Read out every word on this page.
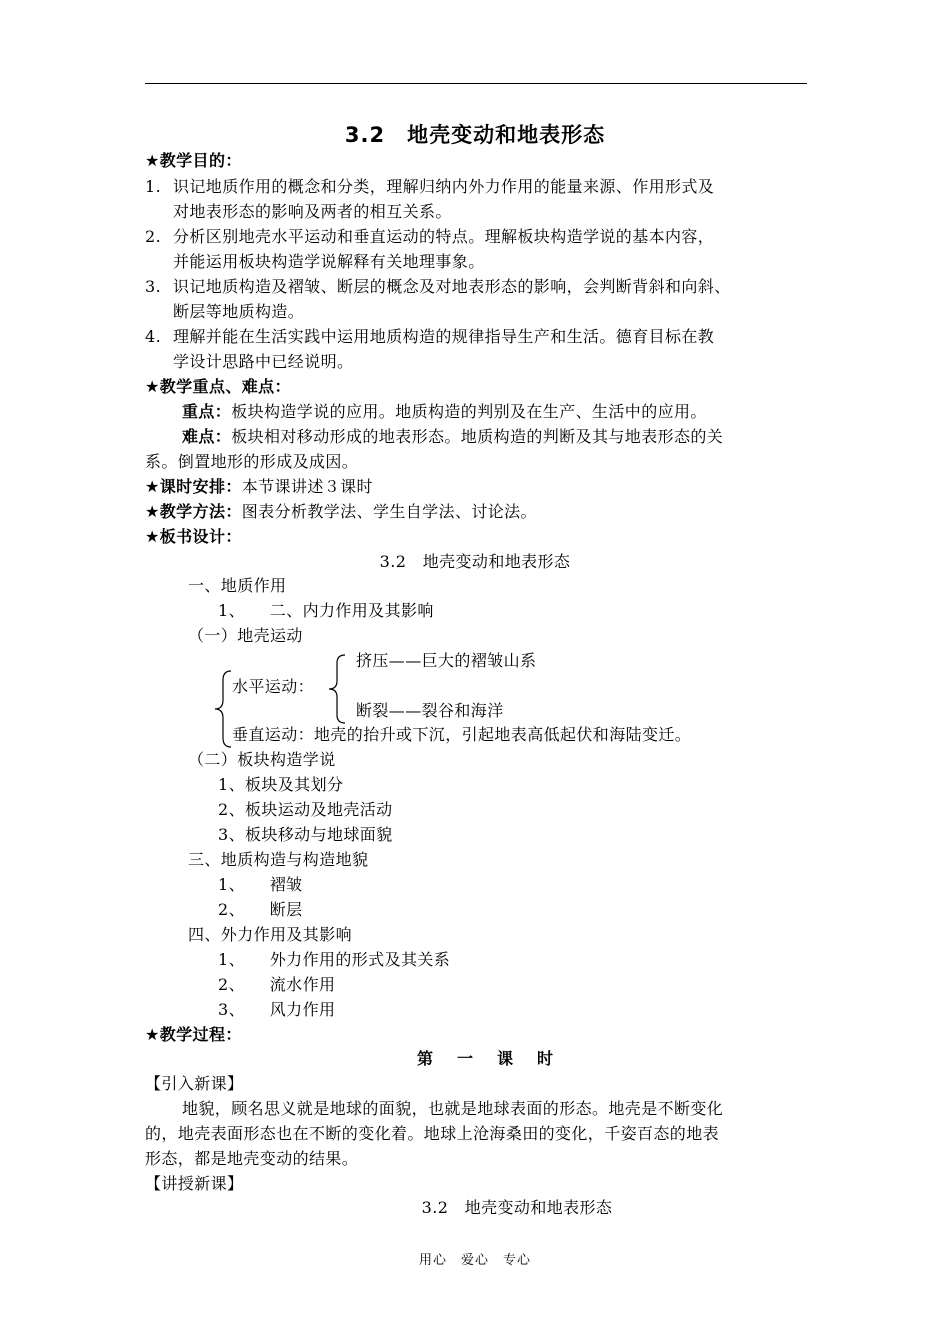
3.2　地壳变动和地表形态
★教学目的：
1. 识记地质作用的概念和分类，理解归纳内外力作用的能量来源、作用形式及
对地表形态的影响及两者的相互关系。
2. 分析区别地壳水平运动和垂直运动的特点。理解板块构造学说的基本内容，
并能运用板块构造学说解释有关地理事象。
3. 识记地质构造及褶皱、断层的概念及对地表形态的影响，会判断背斜和向斜、
断层等地质构造。
4. 理解并能在生活实践中运用地质构造的规律指导生产和生活。德育目标在教
学设计思路中已经说明。
★教学重点、难点：
重点：板块构造学说的应用。地质构造的判别及在生产、生活中的应用。
难点：板块相对移动形成的地表形态。地质构造的判断及其与地表形态的关
系。倒置地形的形成及成因。
★课时安排：本节课讲述３课时
★教学方法：图表分析教学法、学生自学法、讨论法。
★板书设计：
3.2　地壳变动和地表形态
一、地质作用
1、　　二、内力作用及其影响
（一）地壳运动
挤压——巨大的褶皱山系
水平运动：
断裂——裂谷和海洋
垂直运动：地壳的抬升或下沉，引起地表高低起伏和海陆变迁。
（二）板块构造学说
1、板块及其划分
2、板块运动及地壳活动
3、板块移动与地球面貌
三、地质构造与构造地貌
1、　　褶皱
2、　　断层
四、外力作用及其影响
1、　　外力作用的形式及其关系
2、　　流水作用
3、　　风力作用
★教学过程：
第一课时
【引入新课】
地貌，顾名思义就是地球的面貌，也就是地球表面的形态。地壳是不断变化
的，地壳表面形态也在不断的变化着。地球上沧海桑田的变化，千姿百态的地表
形态，都是地壳变动的结果。
【讲授新课】
3.2　地壳变动和地表形态
用心　爱心　专心
